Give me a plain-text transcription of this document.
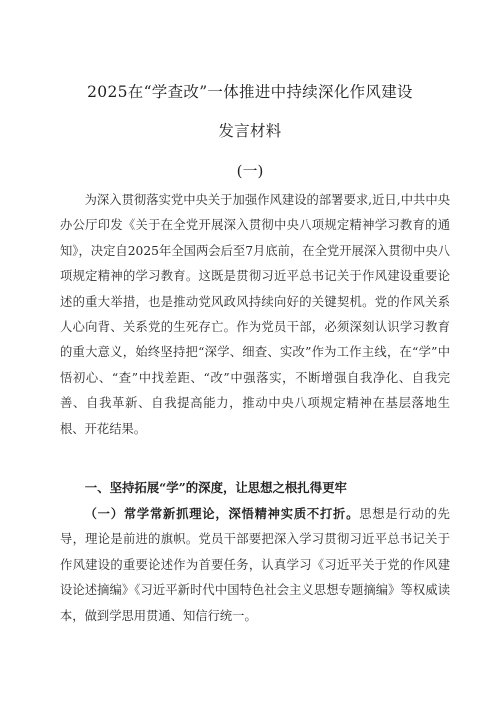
2025在“学查改”一体推进中持续深化作风建设
发言材料
(一)

为深入贯彻落实党中央关于加强作风建设的部署要求,近日,中共中央办公厅印发《关于在全党开展深入贯彻中央八项规定精神学习教育的通知》，决定自2025年全国两会后至7月底前，在全党开展深入贯彻中央八项规定精神的学习教育。这既是贯彻习近平总书记关于作风建设重要论述的重大举措，也是推动党风政风持续向好的关键契机。党的作风关系人心向背、关系党的生死存亡。作为党员干部，必须深刻认识学习教育的重大意义，始终坚持把“深学、细查、实改”作为工作主线，在“学”中悟初心、“查”中找差距、“改”中强落实，不断增强自我净化、自我完善、自我革新、自我提高能力，推动中央八项规定精神在基层落地生根、开花结果。

一、坚持拓展“学”的深度，让思想之根扎得更牢

（一）常学常新抓理论，深悟精神实质不打折。思想是行动的先导，理论是前进的旗帜。党员干部要把深入学习贯彻习近平总书记关于作风建设的重要论述作为首要任务，认真学习《习近平关于党的作风建设论述摘编》《习近平新时代中国特色社会主义思想专题摘编》等权威读本，做到学思用贯通、知信行统一。
